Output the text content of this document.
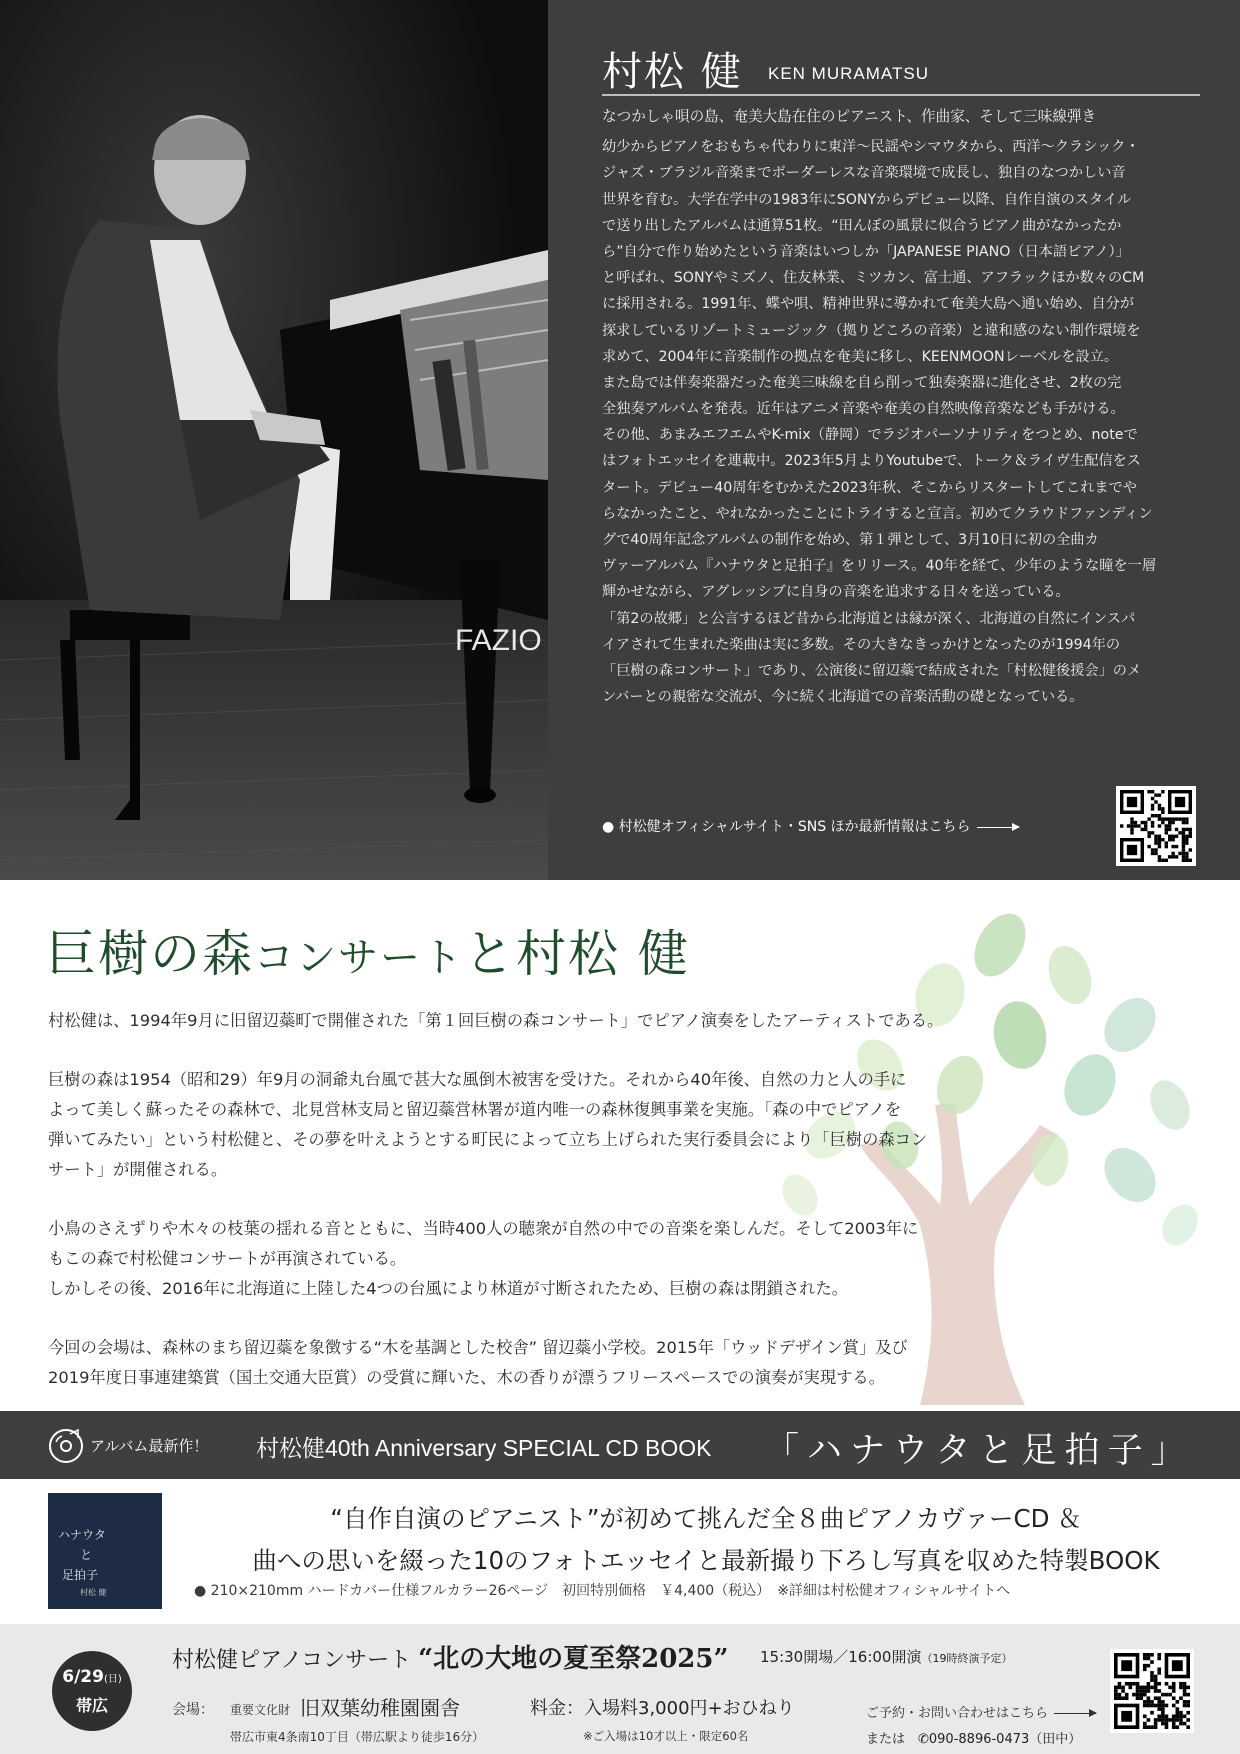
FAZIO
村松 健 KEN MURAMATSU
なつかしゃ唄の島、奄美大島在住のピアニスト、作曲家、そして三味線弾き
幼少からピアノをおもちゃ代わりに東洋〜民謡やシマウタから、西洋〜クラシック・
ジャズ・ブラジル音楽までボーダーレスな音楽環境で成長し、独自のなつかしい音
世界を育む。大学在学中の1983年にSONYからデビュー以降、自作自演のスタイル
で送り出したアルバムは通算51枚。“田んぼの風景に似合うピアノ曲がなかったか
ら”自分で作り始めたという音楽はいつしか「JAPANESE PIANO（日本語ピアノ）」
と呼ばれ、SONYやミズノ、住友林業、ミツカン、富士通、アフラックほか数々のCM
に採用される。1991年、蝶や唄、精神世界に導かれて奄美大島へ通い始め、自分が
探求しているリゾートミュージック（拠りどころの音楽）と違和感のない制作環境を
求めて、2004年に音楽制作の拠点を奄美に移し、KEENMOONレーベルを設立。
また島では伴奏楽器だった奄美三味線を自ら削って独奏楽器に進化させ、2枚の完
全独奏アルバムを発表。近年はアニメ音楽や奄美の自然映像音楽なども手がける。
その他、あまみエフエムやK-mix（静岡）でラジオパーソナリティをつとめ、noteで
はフォトエッセイを連載中。2023年5月よりYoutubeで、トーク＆ライヴ生配信をス
タート。デビュー40周年をむかえた2023年秋、そこからリスタートしてこれまでや
らなかったこと、やれなかったことにトライすると宣言。初めてクラウドファンディン
グで40周年記念アルバムの制作を始め、第１弾として、3月10日に初の全曲カ
ヴァーアルバム『ハナウタと足拍子』をリリース。40年を経て、少年のような瞳を一層
輝かせながら、アグレッシブに自身の音楽を追求する日々を送っている。
「第2の故郷」と公言するほど昔から北海道とは縁が深く、北海道の自然にインスパ
イアされて生まれた楽曲は実に多数。その大きなきっかけとなったのが1994年の
「巨樹の森コンサート」であり、公演後に留辺蘂で結成された「村松健後援会」のメ
ンバーとの親密な交流が、今に続く北海道での音楽活動の礎となっている。
● 村松健オフィシャルサイト・SNS ほか最新情報はこちら
巨樹の森コンサートと村松 健
村松健は、1994年9月に旧留辺蘂町で開催された「第１回巨樹の森コンサート」でピアノ演奏をしたアーティストである。
巨樹の森は1954（昭和29）年9月の洞爺丸台風で甚大な風倒木被害を受けた。それから40年後、自然の力と人の手に
よって美しく蘇ったその森林で、北見営林支局と留辺蘂営林署が道内唯一の森林復興事業を実施。「森の中でピアノを
弾いてみたい」という村松健と、その夢を叶えようとする町民によって立ち上げられた実行委員会により「巨樹の森コン
サート」が開催される。
小鳥のさえずりや木々の枝葉の揺れる音とともに、当時400人の聴衆が自然の中での音楽を楽しんだ。そして2003年に
もこの森で村松健コンサートが再演されている。
しかしその後、2016年に北海道に上陸した4つの台風により林道が寸断されたため、巨樹の森は閉鎖された。
今回の会場は、森林のまち留辺蘂を象徴する“木を基調とした校舎” 留辺蘂小学校。2015年「ウッドデザイン賞」及び
2019年度日事連建築賞（国土交通大臣賞）の受賞に輝いた、木の香りが漂うフリースペースでの演奏が実現する。
アルバム最新作！ 村松健40th Anniversary SPECIAL CD BOOK 「ハナウタと足拍子」
ハナウタ
と
足拍子
村松 健
“自作自演のピアニスト”が初めて挑んだ全８曲ピアノカヴァーCD ＆
曲への思いを綴った10のフォトエッセイと最新撮り下ろし写真を収めた特製BOOK
● 210×210mm ハードカバー仕様フルカラー26ページ　初回特別価格　￥4,400（税込）　※詳細は村松健オフィシャルサイトへ
6/29(日)
帯広
村松健ピアノコンサート “北の大地の夏至祭2025” 15:30開場／16:00開演（19時終演予定）
会場： 重要文化財 旧双葉幼稚園園舎
帯広市東4条南10丁目（帯広駅より徒歩16分）
料金：入場料3,000円+おひねり
※ご入場は10才以上・限定60名
ご予約・お問い合わせはこちら
または　✆090-8896-0473（田中）
